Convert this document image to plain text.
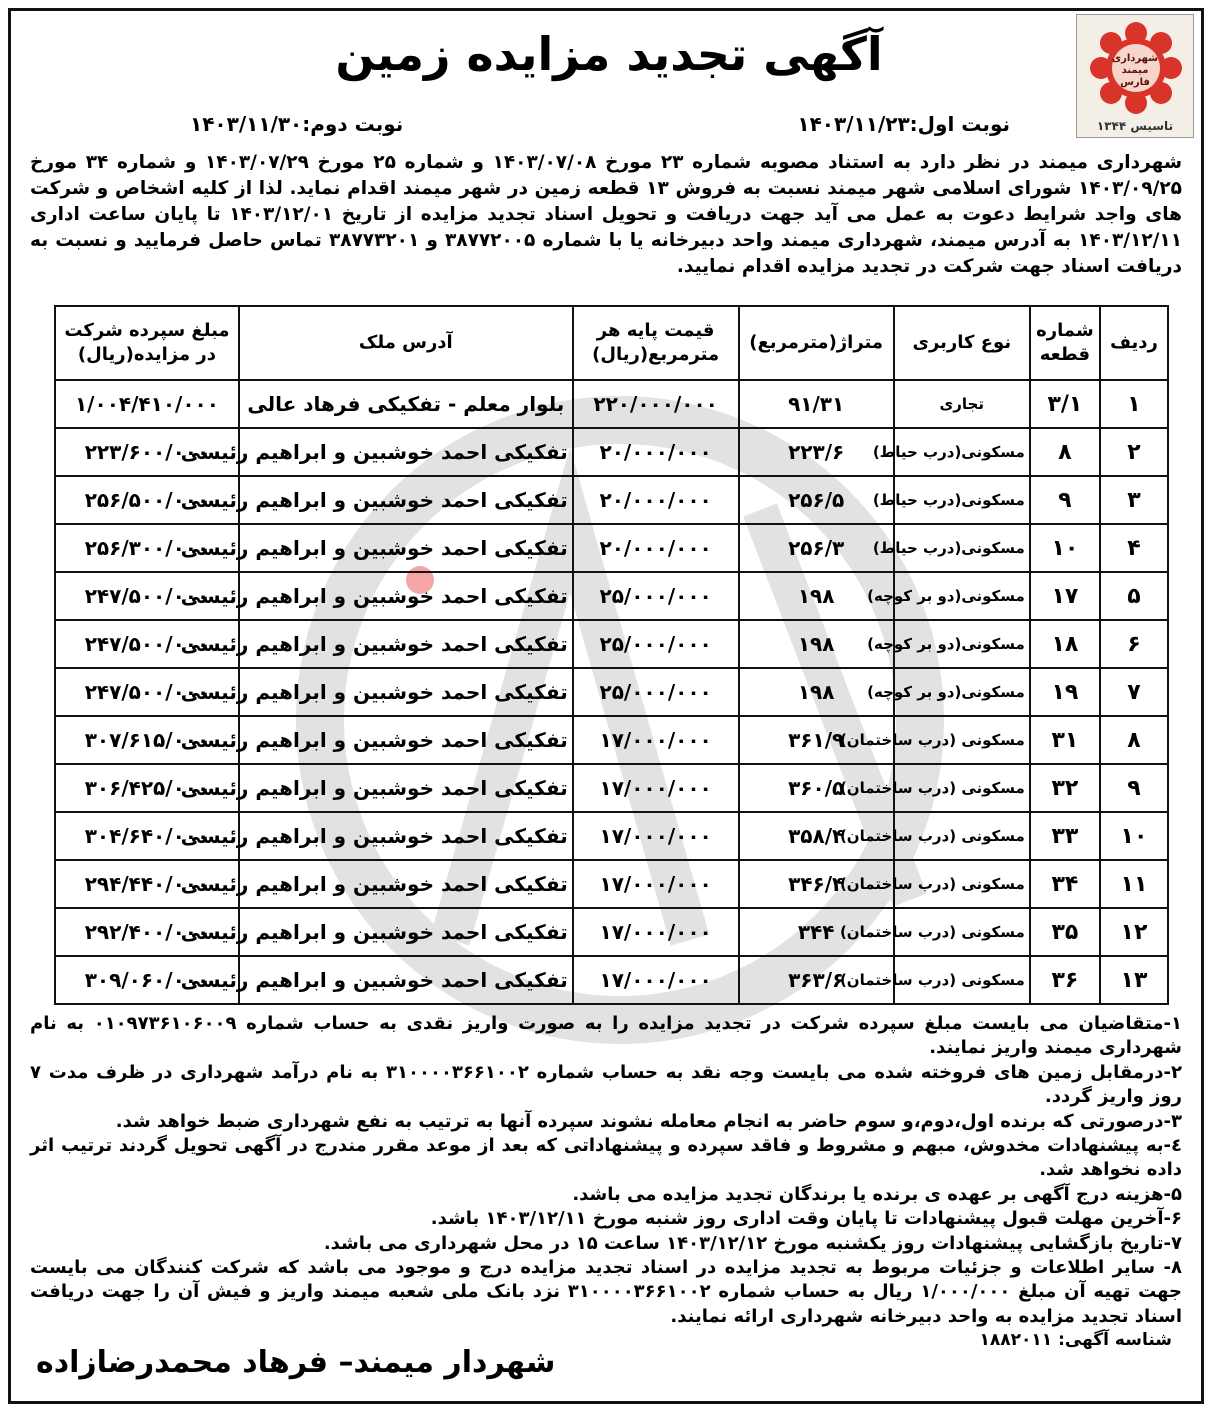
شهرداری
میمند
فارس
تاسیس ۱۳۴۴
آگهی تجدید مزایده زمین
نوبت اول:۱۴۰۳/۱۱/۲۳
نوبت دوم:۱۴۰۳/۱۱/۳۰
شهرداری میمند در نظر دارد به استناد مصوبه شماره ۲۳ مورخ ۱۴۰۳/۰۷/۰۸ و شماره ۲۵ مورخ ۱۴۰۳/۰۷/۲۹ و شماره ۳۴ مورخ ۱۴۰۳/۰۹/۲۵ شورای اسلامی شهر میمند نسبت به فروش ۱۳ قطعه زمین در شهر میمند اقدام نماید. لذا از کلیه اشخاص و شرکت های واجد شرایط دعوت به عمل می آید جهت دریافت و تحویل اسناد تجدید مزایده از تاریخ ۱۴۰۳/۱۲/۰۱ تا پایان ساعت اداری ۱۴۰۳/۱۲/۱۱ به آدرس میمند، شهرداری میمند واحد دبیرخانه یا با شماره ۳۸۷۷۲۰۰۵ و ۳۸۷۷۳۲۰۱ تماس حاصل فرمایید و نسبت به دریافت اسناد جهت شرکت در تجدید مزایده اقدام نمایید.
ردیف	شماره قطعه	نوع کاربری	متراژ(مترمربع)	قیمت پایه هر مترمربع(ریال)	آدرس ملک	مبلغ سپرده شرکت در مزایده(ریال)
۱	۳/۱	تجاری	۹۱/۳۱	۲۲۰/۰۰۰/۰۰۰	بلوار معلم - تفکیکی فرهاد عالی	۱/۰۰۴/۴۱۰/۰۰۰
۲	۸	مسکونی(درب حیاط)	۲۲۳/۶	۲۰/۰۰۰/۰۰۰	تفکیکی احمد خوشبین و ابراهیم رئیسی	۲۲۳/۶۰۰/۰۰۰
۳	۹	مسکونی(درب حیاط)	۲۵۶/۵	۲۰/۰۰۰/۰۰۰	تفکیکی احمد خوشبین و ابراهیم رئیسی	۲۵۶/۵۰۰/۰۰۰
۴	۱۰	مسکونی(درب حیاط)	۲۵۶/۳	۲۰/۰۰۰/۰۰۰	تفکیکی احمد خوشبین و ابراهیم رئیسی	۲۵۶/۳۰۰/۰۰۰
۵	۱۷	مسکونی(دو بر کوچه)	۱۹۸	۲۵/۰۰۰/۰۰۰	تفکیکی احمد خوشبین و ابراهیم رئیسی	۲۴۷/۵۰۰/۰۰۰
۶	۱۸	مسکونی(دو بر کوچه)	۱۹۸	۲۵/۰۰۰/۰۰۰	تفکیکی احمد خوشبین و ابراهیم رئیسی	۲۴۷/۵۰۰/۰۰۰
۷	۱۹	مسکونی(دو بر کوچه)	۱۹۸	۲۵/۰۰۰/۰۰۰	تفکیکی احمد خوشبین و ابراهیم رئیسی	۲۴۷/۵۰۰/۰۰۰
۸	۳۱	مسکونی (درب ساختمان)	۳۶۱/۹	۱۷/۰۰۰/۰۰۰	تفکیکی احمد خوشبین و ابراهیم رئیسی	۳۰۷/۶۱۵/۰۰۰
۹	۳۲	مسکونی (درب ساختمان)	۳۶۰/۵	۱۷/۰۰۰/۰۰۰	تفکیکی احمد خوشبین و ابراهیم رئیسی	۳۰۶/۴۲۵/۰۰۰
۱۰	۳۳	مسکونی (درب ساختمان)	۳۵۸/۴	۱۷/۰۰۰/۰۰۰	تفکیکی احمد خوشبین و ابراهیم رئیسی	۳۰۴/۶۴۰/۰۰۰
۱۱	۳۴	مسکونی (درب ساختمان)	۳۴۶/۴	۱۷/۰۰۰/۰۰۰	تفکیکی احمد خوشبین و ابراهیم رئیسی	۲۹۴/۴۴۰/۰۰۰
۱۲	۳۵	مسکونی (درب ساختمان)	۳۴۴	۱۷/۰۰۰/۰۰۰	تفکیکی احمد خوشبین و ابراهیم رئیسی	۲۹۲/۴۰۰/۰۰۰
۱۳	۳۶	مسکونی (درب ساختمان)	۳۶۳/۶	۱۷/۰۰۰/۰۰۰	تفکیکی احمد خوشبین و ابراهیم رئیسی	۳۰۹/۰۶۰/۰۰۰

۱-متقاضیان می بایست مبلغ سپرده شرکت در تجدید مزایده را به صورت واریز نقدی به حساب شماره ۰۱۰۹۷۳۶۱۰۶۰۰۹ به نام شهرداری میمند واریز نمایند.

۲-درمقابل زمین های فروخته شده می بایست وجه نقد به حساب شماره ۳۱۰۰۰۰۳۶۶۱۰۰۲ به نام درآمد شهرداری در ظرف مدت ۷ روز واریز گردد.

۳-درصورتی که برنده اول،دوم،و سوم حاضر به انجام معامله نشوند سپرده آنها به ترتیب به نفع شهرداری ضبط خواهد شد.

٤-به پیشنهادات مخدوش، مبهم و مشروط و فاقد سپرده و پیشنهاداتی که بعد از موعد مقرر مندرج در آگهی تحویل گردند ترتیب اثر داده نخواهد شد.

۵-هزینه درج آگهی بر عهده ی برنده یا برندگان تجدید مزایده می باشد.

۶-آخرین مهلت قبول پیشنهادات تا پایان وقت اداری روز شنبه مورخ ۱۴۰۳/۱۲/۱۱ باشد.

۷-تاریخ بازگشایی پیشنهادات روز یکشنبه مورخ ۱۴۰۳/۱۲/۱۲ ساعت ۱۵ در محل شهرداری می باشد.

۸- سایر اطلاعات و جزئیات مربوط به تجدید مزایده در اسناد تجدید مزایده درج و موجود می باشد که شرکت کنندگان می بایست جهت تهیه آن مبلغ ۱/۰۰۰/۰۰۰ ریال به حساب شماره ۳۱۰۰۰۰۳۶۶۱۰۰۲ نزد بانک ملی شعبه میمند واریز و فیش آن را جهت دریافت اسناد تجدید مزایده به واحد دبیرخانه شهرداری ارائه نمایند.

شناسه آگهی: ۱۸۸۲۰۱۱
شهردار میمند– فرهاد محمدرضازاده
